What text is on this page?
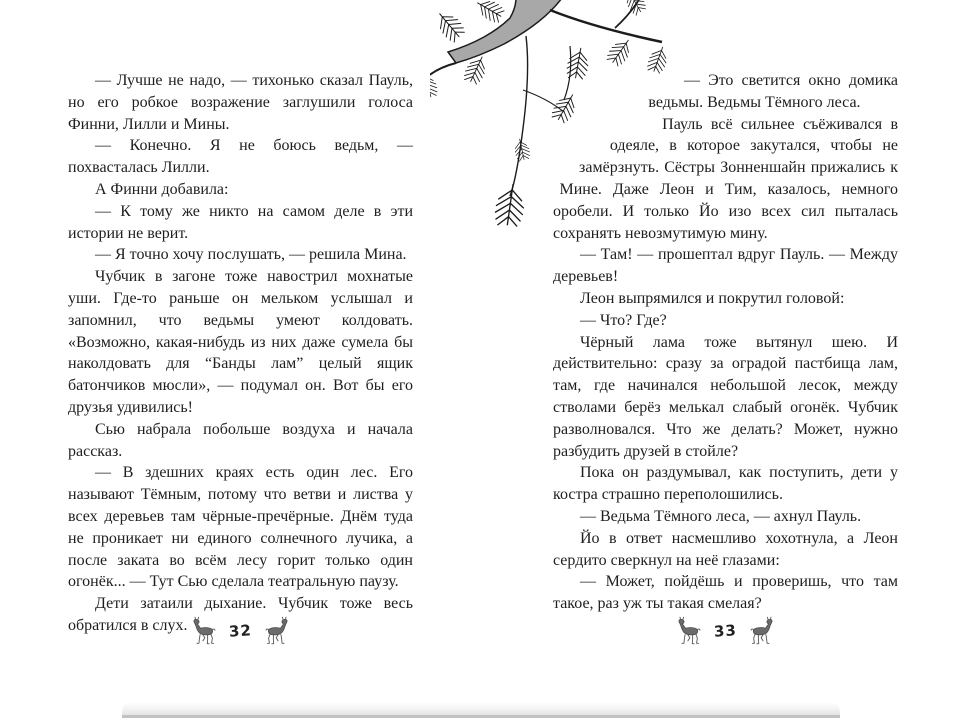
— Лучше не надо, — тихонько сказал Пауль, но его робкое возражение заглушили голоса Финни, Лилли и Мины.

— Конечно. Я не боюсь ведьм, — похвасталась Лилли.

А Финни добавила:

— К тому же никто на самом деле в эти истории не верит.

— Я точно хочу послушать, — решила Мина.

Чубчик в загоне тоже навострил мохнатые уши. Где-то раньше он мельком услышал и запомнил, что ведьмы умеют колдовать. «Возможно, какая-нибудь из них даже сумела бы наколдовать для “Банды лам” целый ящик батончиков мюсли», — подумал он. Вот бы его друзья удивились!

Сью набрала побольше воздуха и начала рассказ.

— В здешних краях есть один лес. Его называют Тёмным, потому что ветви и листва у всех деревьев там чёрные-пречёрные. Днём туда не проникает ни единого солнечного лучика, а после заката во всём лесу горит только один огонёк... — Тут Сью сделала театральную паузу.

Дети затаили дыхание. Чубчик тоже весь обратился в слух.

— Это светится окно домика ведьмы. Ведьмы Тёмного леса.

Пауль всё сильнее съёживался в одеяле, в которое закутался, чтобы не замёрзнуть. Сёстры Зонненшайн прижались к Мине. Даже Леон и Тим, казалось, немного оробели. И только Йо изо всех сил пыталась сохранять невозмутимую мину.

— Там! — прошептал вдруг Пауль. — Между деревьев!

Леон выпрямился и покрутил головой:

— Что? Где?

Чёрный лама тоже вытянул шею. И действительно: сразу за оградой пастбища лам, там, где начинался небольшой лесок, между стволами берёз мелькал слабый огонёк. Чубчик разволновался. Что же делать? Может, нужно разбудить друзей в стойле?

Пока он раздумывал, как поступить, дети у костра страшно переполошились.

— Ведьма Тёмного леса, — ахнул Пауль.

Йо в ответ насмешливо хохотнула, а Леон сердито сверкнул на неё глазами:

— Может, пойдёшь и проверишь, что там такое, раз уж ты такая смелая?

32	33
